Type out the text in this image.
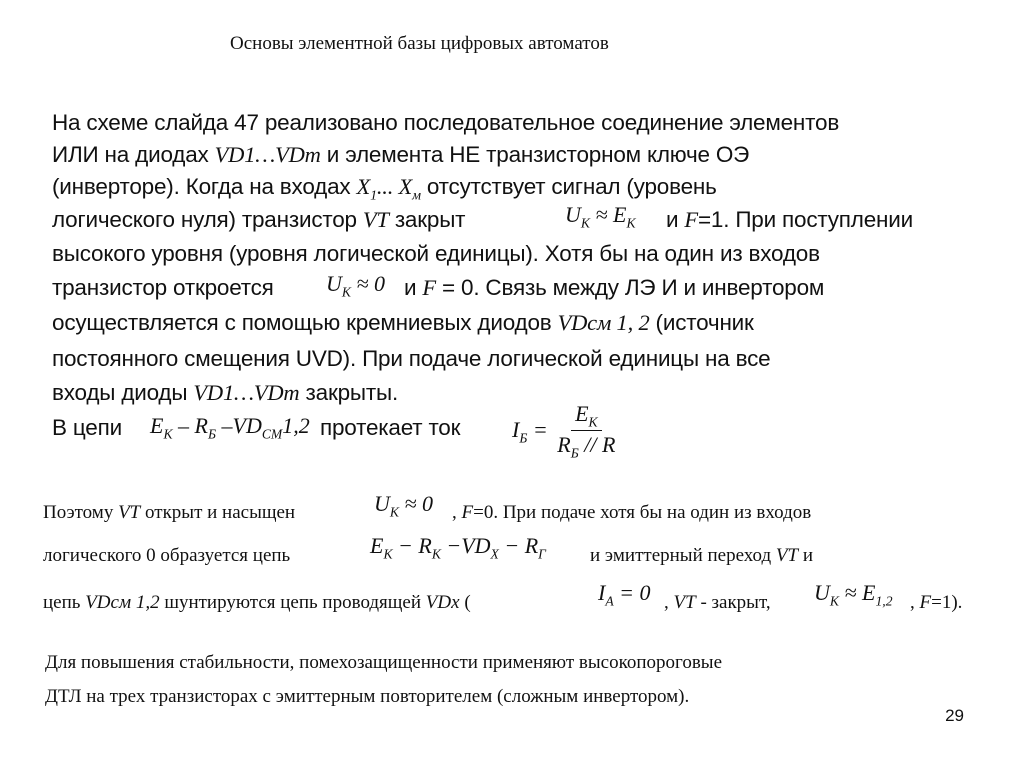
Основы элементной базы цифровых автоматов
На схеме слайда 47 реализовано последовательное соединение элементов
ИЛИ на диодах VD1…VDm и элемента НЕ транзисторном ключе ОЭ
(инверторе). Когда на входах $X_1$... $X_м$ отсутствует сигнал (уровень
логического нуля) транзистор VT закрыт	$U_К \approx E_К$ и F=1. При поступлении
высокого уровня (уровня логической единицы). Хотя бы на один из входов
транзистор откроется $U_К \approx 0$ и F = 0. Связь между ЛЭ И и инвертором
осуществляется с помощью кремниевых диодов VDсм 1, 2 (источник
постоянного смещения UVD). При подаче логической единицы на все
входы диоды VD1…VDm закрыты.
В цепи $E_К - R_Б$ $-VD_{СМ}1,2$ протекает ток $I_Б = \frac{E_К}{R_Б // R}$
Поэтому VT открыт и насыщен	$U_К \approx 0$ , F=0. При подаче хотя бы на один из входов
логического 0 образуется цепь	$E_К - R_К -VD_X - R_Г$ и эмиттерный переход VT и
цепь VDсм 1,2 шунтируются цепь проводящей VDx (	$I_А = 0$ , VT - закрыт, $U_К \approx E_{1,2}$ , F=1).
Для повышения стабильности, помехозащищенности применяют высокопороговые
ДТЛ на трех транзисторах с эмиттерным повторителем (сложным инвертором).
29
